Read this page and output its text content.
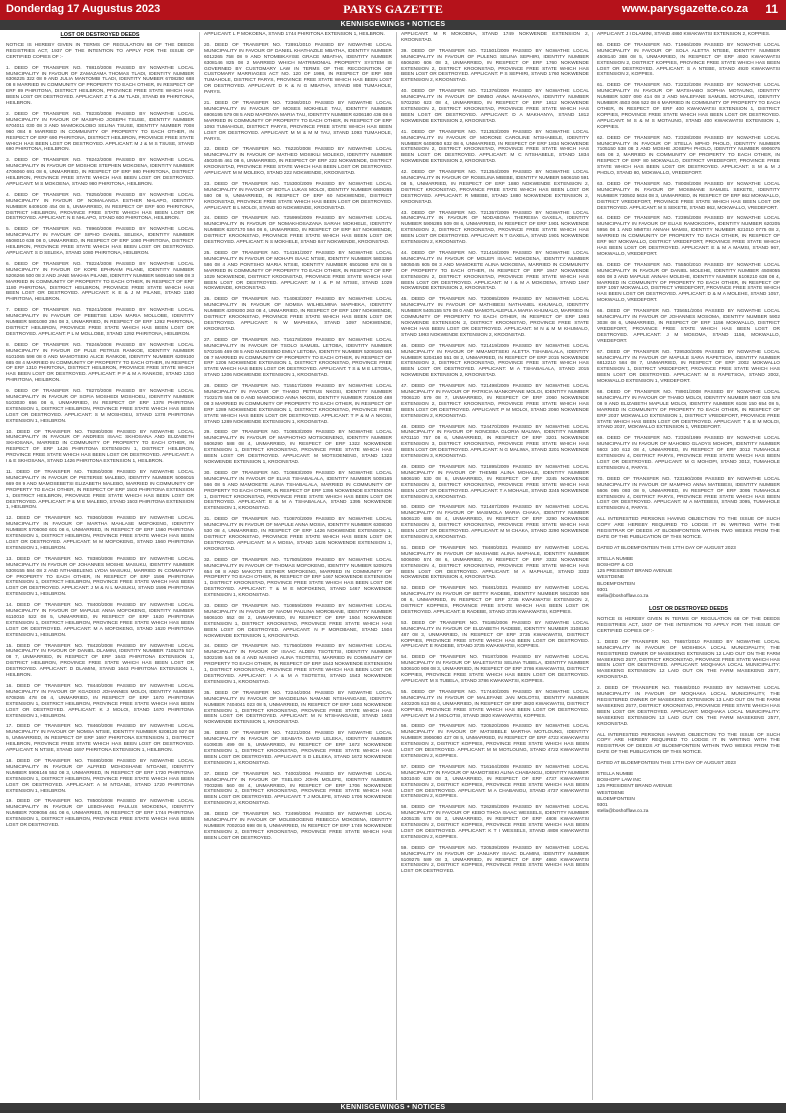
Donderdag 17 Augustus 2023	PARYS GAZETTE	www.parysgazette.co.za 11
KENNISGEWINGS • NOTICES
LOST OR DESTROYED DEEDS
NOTICE IS HEREBY GIVEN IN TERMS OF REGULATION 68 OF THE DEEDS REGISTRIES ACT, 1937 OF THE INTENTION TO APPLY FOR THE ISSUE OF CERTIFIED COPIES OF :-
1. DEED OF TRANSFER NO. T8810/2008 PASSED BY NGWATHE LOCAL MUNICIPALITY IN FAVOUR OF ZAMAZAMA THOMAS TLADI, IDENTITY NUMBER 6306225 322 08 9 AND JULIA MANTOMBI TLADI, IDENTITY NUMBER 6708250 688 08 8 MARRIED IN COMMUNITY OF PROPERTY TO EACH OTHER, IN RESPECT OF ERF 89 PHIRITONA, DISTRICT HEILBRON, PROVINCE FREE STATE WHICH HAS BEEN LOST OR DESTROYED. APPLICANT: Z T & JM TLADI, STAND 89 PHIRITONA, HEILBRON.
2. DEED OF TRANSFER NO. T8230/2008 PASSED BY NGWATHE LOCAL MUNICIPALITY IN FAVOUR OF MASIPHO JOSEPH TSUSE, IDENTITY NUMBER 6704011 030 08 3 AND MAMOKOLOBO SELINA TSUSE, IDENTITY NUMBER 7008 960 084 8 MARRIED IN COMMUNITY OF PROPERTY TO EACH OTHER, IN RESPECT OF ERF 690 PHIRITONA, DISTRICT HEILBRON, PROVINCE FREE STATE WHICH HAS BEEN LOST OR DESTROYED. APPLICANT: M J & M S TSUSE, STAND 690 PHIRITONA, HEILBRON.
3. DEED OF TRANSFER NO. T8242/2008 PASSED BY NGWATHE LOCAL MUNICIPALITY IN FAVOUR OF MOSHOE STEPHEN MOKOENA, IDENTITY NUMBER 4706060 691 08 6, UNMARRIED, IN RESPECT OF ERF 980 PHIRITONA, DISTRICT HEILBRON, PROVINCE FREE STATE WHICH HAS BEEN LOST OR DESTROYED. APPLICANT: M S MOKOENA, STAND 980 PHIRITONA, HEILBRON.
4. DEED OF TRANSFER NO. T8250/2008 PASSED BY NGWATHE LOCAL MUNICIPALITY IN FAVOUR OF NOMALANGA ESTHER NHLAPO, IDENTITY NUMBER 6409100 454 08 5, UNMARRIED, IN RESPECT OF ERF 600 PHIRITONA, DISTRICT HEILBRON, PROVINCE FREE STATE WHICH HAS BEEN LOST OR DESTROYED. APPLICANT: N E NHLAPO, STAND 600 PHIRITONA, HEILBRON.
5. DEED OF TRANSFER NO. T8960/2008 PASSED BY NGWATHE LOCAL MUNICIPALITY IN FAVOUR OF SIPHO DANIEL SELEKA, IDENTITY NUMBER 6508010 638 08 0, UNMARRIED, IN RESPECT OF ERF 1080 PHIRITONA, DISTRICT HEILBRON, PROVINCE FREE STATE WHICH HAS BEEN LOST OR DESTROYED. APPLICANT: S D SELEKA, STAND 1080 PHIRITONA, HEILBRON.
6. DEED OF TRANSFER NO. T8224/2008 PASSED BY NGWATHE LOCAL MUNICIPALITY IN FAVOUR OF KOPE EPHRAIM PILANE, IDENTITY NUMBER 5206266 500 08 2 AND JANE MAKHIA PILANE, IDENTITY NUMBER 5609160 598 08 3 MARRIED IN COMMUNITY OF PROPERTY TO EACH OTHER, IN RESPECT OF ERF 1180 PHIRITONA, DISTRICT HEILBRON, PROVINCE FREE STATE WHICH HAS BEEN LOST OR DESTROYED. APPLICANT: K E & J M PILANE, STAND 1180 PHIRITONA, HEILBRON.
7. DEED OF TRANSFER NO. T8241/2008 PASSED BY NGWATHE LOCAL MUNICIPALITY IN FAVOUR OF PEBETSE LIDIA MARIA MOLLOBE, IDENTITY NUMBER 5801080 294 08 3, UNMARRIED, IN RESPECT OF ERF 1292 PHIRITONA, DISTRICT HEILBRON, PROVINCE FREE STATE WHICH HAS BEEN LOST OR DESTROYED. APPLICANT: P L M MOLLOBE, STAND 1292 PHIRITONA, HEILBRON.
8. DEED OF TRANSFER NO. T8246/2008 PASSED BY NGWATHE LOCAL MUNICIPALITY IN FAVOUR OF PULE PETRUS RANKOE, IDENTITY NUMBER 6101065 598 08 0 AND MAMOTSEKI ALICE RANKOE, IDENTITY NUMBER 6209100 685 08 4 MARRIED IN COMMUNITY OF PROPERTY TO EACH OTHER, IN RESPECT OF ERF 1310 PHIRITONA, DISTRICT HEILBRON, PROVINCE FREE STATE WHICH HAS BEEN LOST OR DESTROYED. APPLICANT: P P & M A RANKOE, STAND 1310 PHIRITONA, HEILBRON.
9. DEED OF TRANSFER NO. T8270/2008 PASSED BY NGWATHE LOCAL MUNICIPALITY IN FAVOUR OF SOFIA MOSHEDI MOSHOEU, IDENTITY NUMBER 5103030 656 08 6, UNMARRIED, IN RESPECT OF ERF 1378 PHIRITONA EXTENSION 1, DISTRICT HEILBRON, PROVINCE FREE STATE WHICH HAS BEEN LOST OR DESTROYED. APPLICANT: S M MOSHOEU, STAND 1378 PHIRITONA EXTENSION 1, HEILBRON.
10. DEED OF TRANSFER NO. T8280/2008 PASSED BY NGWATHE LOCAL MUNICIPALITY IN FAVOUR OF ANDRIES ISAAC SKHOSANA AND ELIZABETH SKHOSANA, MARRIED IN COMMUNITY OF PROPERTY TO EACH OTHER, IN RESPECT OF ERF 1426 PHIRITONA EXTENSION 1, DISTRICT HEILBRON, PROVINCE FREE STATE WHICH HAS BEEN LOST OR DESTROYED. APPLICANT: A I & E SKHOSANA, STAND 1426 PHIRITONA EXTENSION 1, HEILBRON.
11. DEED OF TRANSFER NO. T8350/2008 PASSED BY NGWATHE LOCAL MUNICIPALITY IN FAVOUR OF PIETERSE MALEBO, IDENTITY NUMBER 5006015 669 08 9 AND MAMOSEBETSI ELIZABETH MALEBO, MARRIED IN COMMUNITY OF PROPERTY TO EACH OTHER, IN RESPECT OF ERF 1503 PHIRITONA EXTENSION 1, DISTRICT HEILBRON, PROVINCE FREE STATE WHICH HAS BEEN LOST OR DESTROYED. APPLICANT: P & M E MALEBO, STAND 1503 PHIRITONA EXTENSION 1, HEILBRON.
12. DEED OF TRANSFER NO. T8360/2008 PASSED BY NGWATHE LOCAL MUNICIPALITY IN FAVOUR OF MARTHA MAHLASE MOFOKENG, IDENTITY NUMBER 5706060 601 08 6, UNMARRIED, IN RESPECT OF ERF 1560 PHIRITONA EXTENSION 1, DISTRICT HEILBRON, PROVINCE FREE STATE WHICH HAS BEEN LOST OR DESTROYED. APPLICANT: M M MOFOKENG, STAND 1560 PHIRITONA EXTENSION 1, HEILBRON.
13. DEED OF TRANSFER NO. T8380/2008 PASSED BY NGWATHE LOCAL MUNICIPALITY IN FAVOUR OF JOHANNES MOSHE MASUKU, IDENTITY NUMBER 5309155 584 08 2 AND NTHABELENG LYDIA MASUKU, MARRIED IN COMMUNITY OF PROPERTY TO EACH OTHER, IN RESPECT OF ERF 1596 PHIRITONA EXTENSION 1, DISTRICT HEILBRON, PROVINCE FREE STATE WHICH HAS BEEN LOST OR DESTROYED. APPLICANT: J M & N L MASUKU, STAND 1596 PHIRITONA EXTENSION 1, HEILBRON.
14. DEED OF TRANSFER NO. T8400/2008 PASSED BY NGWATHE LOCAL MUNICIPALITY IN FAVOUR OF MAPULE ANNA MOFOKENG, IDENTITY NUMBER 6110010 522 08 5, UNMARRIED, IN RESPECT OF ERF 1620 PHIRITONA EXTENSION 1, DISTRICT HEILBRON, PROVINCE FREE STATE WHICH HAS BEEN LOST OR DESTROYED. APPLICANT: M A MOFOKENG, STAND 1620 PHIRITONA EXTENSION 1, HEILBRON.
15. DEED OF TRANSFER NO. T8420/2008 PASSED BY NGWATHE LOCAL MUNICIPALITY IN FAVOUR OF DANIEL DLAMINI, IDENTITY NUMBER 7105275 517 08 7, UNMARRIED, IN RESPECT OF ERF 1643 PHIRITONA EXTENSION 1, DISTRICT HEILBRON, PROVINCE FREE STATE WHICH HAS BEEN LOST OR DESTROYED. APPLICANT: D DLAMINI, STAND 1643 PHIRITONA EXTENSION 1, HEILBRON.
16. DEED OF TRANSFER NO. T8440/2008 PASSED BY NGWATHE LOCAL MUNICIPALITY IN FAVOUR OF KGADISO JOHANNES MOLOI, IDENTITY NUMBER 6708265 478 08 4, UNMARRIED, IN RESPECT OF ERF 1670 PHIRITONA EXTENSION 1, DISTRICT HEILBRON, PROVINCE FREE STATE WHICH HAS BEEN LOST OR DESTROYED. APPLICANT: K J MOLOI, STAND 1670 PHIRITONA EXTENSION 1, HEILBRON.
17. DEED OF TRANSFER NO. T8460/2008 PASSED BY NGWATHE LOCAL MUNICIPALITY IN FAVOUR OF NOMSA NTSIE, IDENTITY NUMBER 6208120 927 08 5, UNMARRIED, IN RESPECT OF ERF 1697 PHIRITONA EXTENSION 1, DISTRICT HEILBRON, PROVINCE FREE STATE WHICH HAS BEEN LOST OR DESTROYED. APPLICANT: N NTSIE, STAND 1697 PHIRITONA EXTENSION 1, HEILBRON.
18. DEED OF TRANSFER NO. T8480/2008 PASSED BY NGWATHE LOCAL MUNICIPALITY IN FAVOUR OF ALFRED MOHOSHANE NTOANE, IDENTITY NUMBER 5906146 552 08 3, UNMARRIED, IN RESPECT OF ERF 1720 PHIRITONA EXTENSION 1, DISTRICT HEILBRON, PROVINCE FREE STATE WHICH HAS BEEN LOST OR DESTROYED. APPLICANT: A M NTOANE, STAND 1720 PHIRITONA EXTENSION 1, HEILBRON.
19. DEED OF TRANSFER NO. T8500/2008 PASSED BY NGWATHE LOCAL MUNICIPALITY IN FAVOUR OF LEBOHANG PAULUS MOKOENA, IDENTITY NUMBER 7009056 461 08 6, UNMARRIED, IN RESPECT OF ERF 1744 PHIRITONA EXTENSION 1, DISTRICT HEILBRON, PROVINCE FREE STATE WHICH HAS BEEN LOST OR DESTROYED.
APPLICANT: L P MOKOENA, STAND 1744 PHIRITONA EXTENSION 1, HEILBRON.
20. DEED OF TRANSFER NO. T2891/2010 PASSED BY NGWATHE LOCAL MUNICIPALITY IN FAVOUR OF DANIEL KHATHAZILE MBATHA, IDENTITY NUMBER 6012265 758 08 9 AND NTOMBIKAYISE GRACE MBATHA, IDENTITY NUMBER 6308146 825 08 2 MARRIED WHICH MATRIMONIAL PROPERTY SYSTEM IS GOVERNED BY CUSTOMARY LAW IN TERMS OF THE RECOGNITION OF CUSTOMARY MARRIAGES ACT NO. 120 OF 1998, IN RESPECT OF ERF 808 TUMAHOLE, DISTRICT PARYS, PROVINCE FREE STATE WHICH HAS BEEN LOST OR DESTROYED. APPLICANT: D K & N G MBATHA, STAND 808 TUMAHOLE, PARYS.
21. DEED OF TRANSFER NO. T2368/2010 PASSED BY NGWATHE LOCAL MUNICIPALITY IN FAVOUR OF MOSES MOKHELE TAU, IDENTITY NUMBER 6906195 579 08 5 AND MAPONYA MARIA TAU, IDENTITY NUMBER 6206180 436 08 6 MARRIED IN COMMUNITY OF PROPERTY TO EACH OTHER, IN RESPECT OF ERF 1093 TUMAHOLE, DISTRICT PARYS, PROVINCE FREE STATE WHICH HAS BEEN LOST OR DESTROYED. APPLICANT: M M & M M TAU, STAND 1093 TUMAHOLE, PARYS.
22. DEED OF TRANSFER NO. T6220/2008 PASSED BY NGWATHE LOCAL MUNICIPALITY IN FAVOUR OF MATHEO MOSIKILI MOLEKO, IDENTITY NUMBER 4502045 461 08 6, UNMARRIED, IN RESPECT OF ERF 222 NOKWENDE, DISTRICT KROONSTAD, PROVINCE FREE STATE WHICH HAS BEEN LOST OR DESTROYED. APPLICANT: M M MOLEKO, STAND 222 NOKWENDE, KROONSTAD.
23. DEED OF TRANSFER NO. T15300/2009 PASSED BY NGWATHE LOCAL MUNICIPALITY IN FAVOUR OF BOTLA LUKAS MOLOI, IDENTITY NUMBER 6609265 580 08 9, UNMARRIED, IN RESPECT OF ERF 60 NOKWENDE, DISTRICT KROONSTAD, PROVINCE FREE STATE WHICH HAS BEEN LOST OR DESTROYED. APPLICANT: B L MOLOI, STAND 60 NOKWENDE, KROONSTAD.
24. DEED OF TRANSFER NO. T25999/2009 PASSED BY NGWATHE LOCAL MUNICIPALITY IN FAVOUR OF NOMAKHOSAZANA SARAH MOKHELE, IDENTITY NUMBER 6207170 594 08 6, UNMARRIED, IN RESPECT OF ERF 847 NOKWENDE, DISTRICT KROONSTAD, PROVINCE FREE STATE WHICH HAS BEEN LOST OR DESTROYED. APPLICANT: N S MOKHELE, STAND 847 NOKWENDE, KROONSTAD.
25. DEED OF TRANSFER NO. T14191/2007 PASSED BY NGWATHE LOCAL MUNICIPALITY IN FAVOUR OF MOHAPI ISAAC NTSIE, IDENTITY NUMBER 5803266 586 08 4 AND PONTSHO MARIA NTSIE, IDENTITY NUMBER 6501080 678 08 5 MARRIED IN COMMUNITY OF PROPERTY TO EACH OTHER, IN RESPECT OF ERF 1029 NOKWENDE, DISTRICT KROONSTAD, PROVINCE FREE STATE WHICH HAS BEEN LOST OR DESTROYED. APPLICANT: M I & P M NTSIE, STAND 1029 NOKWENDE, KROONSTAD.
26. DEED OF TRANSFER NO. T14083/2007 PASSED BY NGWATHE LOCAL MUNICIPALITY IN FAVOUR OF NOMSA WILHELMINA MAPHEKA, IDENTITY NUMBER 4209200 263 08 4, UNMARRIED, IN RESPECT OF ERF 1097 NOKWENDE, DISTRICT KROONSTAD, PROVINCE FREE STATE WHICH HAS BEEN LOST OR DESTROYED. APPLICANT: N W MAPHEKA, STAND 1097 NOKWENDE, KROONSTAD.
27. DEED OF TRANSFER NO. T16178/2009 PASSED BY NGWATHE LOCAL MUNICIPALITY IN FAVOUR OF TSOLO SAMUEL LETOBA, IDENTITY NUMBER 5702165 469 08 5 AND MADISEBO EMILY LETOBA, IDENTITY NUMBER 5208160 661 08 7 MARRIED IN COMMUNITY OF PROPERTY TO EACH OTHER, IN RESPECT OF ERF 1206 NOKWENDE EXTENSION 1, DISTRICT KROONSTAD, PROVINCE FREE STATE WHICH HAS BEEN LOST OR DESTROYED. APPLICANT: T S & M E LETOBA, STAND 1206 NOKWENDE EXTENSION 1, KROONSTAD.
28. DEED OF TRANSFER NO. T15517/2009 PASSED BY NGWATHE LOCAL MUNICIPALITY IN FAVOUR OF THABO PETRUS NKOSI, IDENTITY NUMBER 7102175 556 08 0 AND MAMODIKO ANNA NKOSI, IDENTITY NUMBER 7206100 488 08 3 MARRIED IN COMMUNITY OF PROPERTY TO EACH OTHER, IN RESPECT OF ERF 1289 NOKWENDE EXTENSION 1, DISTRICT KROONSTAD, PROVINCE FREE STATE WHICH HAS BEEN LOST OR DESTROYED. APPLICANT: T P & M A NKOSI, STAND 1289 NOKWENDE EXTENSION 1, KROONSTAD.
29. DEED OF TRANSFER NO. T10853/2009 PASSED BY NGWATHE LOCAL MUNICIPALITY IN FAVOUR OF MAPHOTHO MOTSOENENG, IDENTITY NUMBER 5606290 588 08 4, UNMARRIED, IN RESPECT OF ERF 1322 NOKWENDE EXTENSION 1, DISTRICT KROONSTAD, PROVINCE FREE STATE WHICH HAS BEEN LOST OR DESTROYED. APPLICANT: M MOTSOENENG, STAND 1322 NOKWENDE EXTENSION 1, KROONSTAD.
30. DEED OF TRANSFER NO. T10883/2009 PASSED BY NGWATHE LOCAL MUNICIPALITY IN FAVOUR OF ELIAS TSHABALALA, IDENTITY NUMBER 5008165 566 08 5 AND MAMOKETE ALINA TSHABALALA, MARRIED IN COMMUNITY OF PROPERTY TO EACH OTHER, IN RESPECT OF ERF 1395 NOKWENDE EXTENSION 1, DISTRICT KROONSTAD, PROVINCE FREE STATE WHICH HAS BEEN LOST OR DESTROYED. APPLICANT: E & M A TSHABALALA, STAND 1395 NOKWENDE EXTENSION 1, KROONSTAD.
31. DEED OF TRANSFER NO. T10870/2009 PASSED BY NGWATHE LOCAL MUNICIPALITY IN FAVOUR OF MAPULE ANNA MOSIA, IDENTITY NUMBER 6308030 530 08 4, UNMARRIED, IN RESPECT OF ERF 1426 NOKWENDE EXTENSION 1, DISTRICT KROONSTAD, PROVINCE FREE STATE WHICH HAS BEEN LOST OR DESTROYED. APPLICANT: M A MOSIA, STAND 1426 NOKWENDE EXTENSION 1, KROONSTAD.
32. DEED OF TRANSFER NO. T17505/2009 PASSED BY NGWATHE LOCAL MUNICIPALITY IN FAVOUR OF THOMAS MOFOKENG, IDENTITY NUMBER 5209275 654 08 8 AND MAKOTO ESTHER MOFOKENG, MARRIED IN COMMUNITY OF PROPERTY TO EACH OTHER, IN RESPECT OF ERF 1467 NOKWENDE EXTENSION 1, DISTRICT KROONSTAD, PROVINCE FREE STATE WHICH HAS BEEN LOST OR DESTROYED. APPLICANT: T & M E MOFOKENG, STAND 1467 NOKWENDE EXTENSION 1, KROONSTAD.
33. DEED OF TRANSFER NO. T10859/2009 PASSED BY NGWATHE LOCAL MUNICIPALITY IN FAVOUR OF NAOMI PAULINA MOROBANE, IDENTITY NUMBER 5606100 552 08 2, UNMARRIED, IN RESPECT OF ERF 1504 NOKWENDE EXTENSION 1, DISTRICT KROONSTAD, PROVINCE FREE STATE WHICH HAS BEEN LOST OR DESTROYED. APPLICANT: N P MOROBANE, STAND 1504 NOKWENDE EXTENSION 1, KROONSTAD.
34. DEED OF TRANSFER NO. T17560/2009 PASSED BY NGWATHE LOCAL MUNICIPALITY IN FAVOUR OF ISAAC ALDEN TSOTETSI, IDENTITY NUMBER 5302195 544 08 4 AND MAISHO ALINA TSOTETSI, MARRIED IN COMMUNITY OF PROPERTY TO EACH OTHER, IN RESPECT OF ERF 1543 NOKWENDE EXTENSION 1, DISTRICT KROONSTAD, PROVINCE FREE STATE WHICH HAS BEEN LOST OR DESTROYED. APPLICANT: I A & M A TSOTETSI, STAND 1543 NOKWENDE EXTENSION 1, KROONSTAD.
35. DEED OF TRANSFER NO. T2244/2004 PASSED BY NGWATHE LOCAL MUNICIPALITY IN FAVOUR OF MAGDELINA NAMANE NTSHANGASE, IDENTITY NUMBER 7404041 023 08 5, UNMARRIED, IN RESPECT OF ERF 1603 NOKWENDE EXTENSION 1, DISTRICT KROONSTAD, PROVINCE FREE STATE WHICH HAS BEEN LOST OR DESTROYED. APPLICANT: M N NTSHANGASE, STAND 1603 NOKWENDE EXTENSION 1, KROONSTAD.
36. DEED OF TRANSFER NO. T4221/2004 PASSED BY NGWATHE LOCAL MUNICIPALITY IN FAVOUR OF SEABATA DAVID LELEKA, IDENTITY NUMBER 6109035 499 08 5, UNMARRIED, IN RESPECT OF ERF 1672 NOKWENDE EXTENSION 1, DISTRICT KROONSTAD, PROVINCE FREE STATE WHICH HAS BEEN LOST OR DESTROYED. APPLICANT: S D LELEKA, STAND 1672 NOKWENDE EXTENSION 1, KROONSTAD.
37. DEED OF TRANSFER NO. T4003/2004 PASSED BY NGWATHE LOCAL MUNICIPALITY IN FAVOUR OF TSELISO JOHN MOLEFE, IDENTITY NUMBER 7003285 560 08 4, UNMARRIED, IN RESPECT OF ERF 1706 NOKWENDE EXTENSION 2, DISTRICT KROONSTAD, PROVINCE FREE STATE WHICH HAS BEEN LOST OR DESTROYED. APPLICANT: T J MOLEFE, STAND 1706 NOKWENDE EXTENSION 2, KROONSTAD.
38. DEED OF TRANSFER NO. T2499/2004 PASSED BY NGWATHE LOCAL MUNICIPALITY IN FAVOUR OF MOLEBOGENG REBECCA MOKOENA, IDENTITY NUMBER 7002010 698 08 5, UNMARRIED, IN RESPECT OF ERF 1749 NOKWENDE EXTENSION 2, DISTRICT KROONSTAD, PROVINCE FREE STATE WHICH HAS BEEN LOST OR DESTROYED.
APPLICANT: M R MOKOENA, STAND 1749 NOKWENDE EXTENSION 2, KROONSTAD.
39. DEED OF TRANSFER NO. T21501/2009 PASSED BY NGWATHE LOCAL MUNICIPALITY IN FAVOUR OF PULENG SELINA SEPHIRI, IDENTITY NUMBER 6506280 606 08 3, UNMARRIED, IN RESPECT OF ERF 1760 NOKWENDE EXTENSION 2, DISTRICT KROONSTAD, PROVINCE FREE STATE WHICH HAS BEEN LOST OR DESTROYED. APPLICANT: P S SEPHIRI, STAND 1760 NOKWENDE EXTENSION 2, KROONSTAD.
40. DEED OF TRANSFER NO. T21376/2009 PASSED BY NGWATHE LOCAL MUNICIPALITY IN FAVOUR OF DIMBO ANNA MAKHANYA, IDENTITY NUMBER 5702250 623 08 4, UNMARRIED, IN RESPECT OF ERF 1812 NOKWENDE EXTENSION 2, DISTRICT KROONSTAD, PROVINCE FREE STATE WHICH HAS BEEN LOST OR DESTROYED. APPLICANT: D A MAKHANYA, STAND 1812 NOKWENDE EXTENSION 2, KROONSTAD.
41. DEED OF TRANSFER NO. T21353/2009 PASSED BY NGWATHE LOCAL MUNICIPALITY IN FAVOUR OF MORONE CAROLINE NTSHABELE, IDENTITY NUMBER 6408050 632 08 6, UNMARRIED, IN RESPECT OF ERF 1834 NOKWENDE EXTENSION 2, DISTRICT KROONSTAD, PROVINCE FREE STATE WHICH HAS BEEN LOST OR DESTROYED. APPLICANT: M C NTSHABELE, STAND 1834 NOKWENDE EXTENSION 2, KROONSTAD.
42. DEED OF TRANSFER NO. T21354/2009 PASSED BY NGWATHE LOCAL MUNICIPALITY IN FAVOUR OF ROSELINA MBEBE, IDENTITY NUMBER 5606150 591 08 5, UNMARRIED, IN RESPECT OF ERF 1880 NOKWENDE EXTENSION 2, DISTRICT KROONSTAD, PROVINCE FREE STATE WHICH HAS BEEN LOST OR DESTROYED. APPLICANT: R MBEBE, STAND 1880 NOKWENDE EXTENSION 2, KROONSTAD.
43. DEED OF TRANSFER NO. T21357/2009 PASSED BY NGWATHE LOCAL MUNICIPALITY IN FAVOUR OF NODABONA THERESIA GAXELA, IDENTITY NUMBER 5906285 509 08 6, UNMARRIED, IN RESPECT OF ERF 1901 NOKWENDE EXTENSION 2, DISTRICT KROONSTAD, PROVINCE FREE STATE WHICH HAS BEEN LOST OR DESTROYED. APPLICANT: N T GAXELA, STAND 1901 NOKWENDE EXTENSION 2, KROONSTAD.
44. DEED OF TRANSFER NO. T21416/2009 PASSED BY NGWATHE LOCAL MUNICIPALITY IN FAVOUR OF MOLEFI ISAAC MOKOENA, IDENTITY NUMBER 5805045 605 08 3 AND MAMOKETE ALINA MOKOENA, MARRIED IN COMMUNITY OF PROPERTY TO EACH OTHER, IN RESPECT OF ERF 1947 NOKWENDE EXTENSION 2, DISTRICT KROONSTAD, PROVINCE FREE STATE WHICH HAS BEEN LOST OR DESTROYED. APPLICANT: M I & M A MOKOENA, STAND 1947 NOKWENDE EXTENSION 2, KROONSTAD.
45. DEED OF TRANSFER NO. T20085/2009 PASSED BY NGWATHE LOCAL MUNICIPALITY IN FAVOUR OF MATHIBESI NATHANIEL KHUMALO, IDENTITY NUMBER 5405155 576 08 0 AND MAMOTLALEPULA MARIA KHUMALO, MARRIED IN COMMUNITY OF PROPERTY TO EACH OTHER, IN RESPECT OF ERF 1993 NOKWENDE EXTENSION 2, DISTRICT KROONSTAD, PROVINCE FREE STATE WHICH HAS BEEN LOST OR DESTROYED. APPLICANT: M N & M M KHUMALO, STAND 1993 NOKWENDE EXTENSION 2, KROONSTAD.
46. DEED OF TRANSFER NO. T21419/2009 PASSED BY NGWATHE LOCAL MUNICIPALITY IN FAVOUR OF MMAMOTSEKI ALETTA TSHABALALA, IDENTITY NUMBER 5204160 551 08 2, UNMARRIED, IN RESPECT OF ERF 2015 NOKWENDE EXTENSION 2, DISTRICT KROONSTAD, PROVINCE FREE STATE WHICH HAS BEEN LOST OR DESTROYED. APPLICANT: M A TSHABALALA, STAND 2015 NOKWENDE EXTENSION 2, KROONSTAD.
47. DEED OF TRANSFER NO. T21498/2009 PASSED BY NGWATHE LOCAL MUNICIPALITY IN FAVOUR OF PATRICIA MANKOPANE MOLOI, IDENTITY NUMBER 7006120 579 08 7, UNMARRIED, IN RESPECT OF ERF 2060 NOKWENDE EXTENSION 2, DISTRICT KROONSTAD, PROVINCE FREE STATE WHICH HAS BEEN LOST OR DESTROYED. APPLICANT: P M MOLOI, STAND 2060 NOKWENDE EXTENSION 2, KROONSTAD.
48. DEED OF TRANSFER NO. T24470/2009 PASSED BY NGWATHE LOCAL MUNICIPALITY IN FAVOUR OF NONCEBA GLORIA MALIWA, IDENTITY NUMBER 6701110 757 08 6, UNMARRIED, IN RESPECT OF ERF 3201 NOKWENDE EXTENSION 3, DISTRICT KROONSTAD, PROVINCE FREE STATE WHICH HAS BEEN LOST OR DESTROYED. APPLICANT: N G MALIWA, STAND 3201 NOKWENDE EXTENSION 3, KROONSTAD.
49. DEED OF TRANSFER NO. T21895/2009 PASSED BY NGWATHE LOCAL MUNICIPALITY IN FAVOUR OF THEMBI ALINA MOHALE, IDENTITY NUMBER 5806190 530 08 6, UNMARRIED, IN RESPECT OF ERF 3245 NOKWENDE EXTENSION 3, DISTRICT KROONSTAD, PROVINCE FREE STATE WHICH HAS BEEN LOST OR DESTROYED. APPLICANT: T A MOHALE, STAND 3245 NOKWENDE EXTENSION 3, KROONSTAD.
50. DEED OF TRANSFER NO. T21487/2009 PASSED BY NGWATHE LOCAL MUNICIPALITY IN FAVOUR OF MASIMOLA MARIA CHAKA, IDENTITY NUMBER 5506120 686 08 4, UNMARRIED, IN RESPECT OF ERF 3290 NOKWENDE EXTENSION 3, DISTRICT KROONSTAD, PROVINCE FREE STATE WHICH HAS BEEN LOST OR DESTROYED. APPLICANT: M M CHAKA, STAND 3290 NOKWENDE EXTENSION 3, KROONSTAD.
51. DEED OF TRANSFER NO. T8480/2021 PASSED BY NGWATHE LOCAL MUNICIPALITY IN FAVOUR OF MASHABE ALINA MAPHALE, IDENTITY NUMBER 5006090 574 08 6, UNMARRIED, IN RESPECT OF ERF 3332 NOKWENDE EXTENSION 4, DISTRICT KROONSTAD, PROVINCE FREE STATE WHICH HAS BEEN LOST OR DESTROYED. APPLICANT: M A MAPHALE, STAND 3332 NOKWENDE EXTENSION 4, KROONSTAD.
52. DEED OF TRANSFER NO. T8481/2021 PASSED BY NGWATHE LOCAL MUNICIPALITY IN FAVOUR OF BETTY RADEBE, IDENTITY NUMBER 5912030 508 08 6, UNMARRIED, IN RESPECT OF ERF 3735 KWAKWATSI EXTENSION 2, DISTRICT KOPPIES, PROVINCE FREE STATE WHICH HAS BEEN LOST OR DESTROYED. APPLICANT: B RADEBE, STAND 3735 KWAKWATSI, KOPPIES.
53. DEED OF TRANSFER NO. T8185/2006 PASSED BY NGWATHE LOCAL MUNICIPALITY IN FAVOUR OF ELIZABETH RADEBE, IDENTITY NUMBER 3108150 487 08 3, UNMARRIED, IN RESPECT OF ERF 3735 KWAKWATSI, DISTRICT KOPPIES, PROVINCE FREE STATE WHICH HAS BEEN LOST OR DESTROYED. APPLICANT: E RADEBE, STAND 3735 KWAKWATSI, KOPPIES.
54. DEED OF TRANSFER NO. T8187/2006 PASSED BY NGWATHE LOCAL MUNICIPALITY IN FAVOUR OF MALETSATSI SELINA TUBELA, IDENTITY NUMBER 5306100 908 08 3, UNMARRIED, IN RESPECT OF ERF 3786 KWAKWATSI, DISTRICT KOPPIES, PROVINCE FREE STATE WHICH HAS BEEN LOST OR DESTROYED. APPLICANT: M S TUBELA, STAND 3786 KWAKWATSI, KOPPIES.
55. DEED OF TRANSFER NO. T17440/2005 PASSED BY NGWATHE LOCAL MUNICIPALITY IN FAVOUR OF MALEFANE JAN MOLOTSI, IDENTITY NUMBER 4402205 613 08 4, UNMARRIED, IN RESPECT OF ERF 3820 KWAKWATSI, DISTRICT KOPPIES, PROVINCE FREE STATE WHICH HAS BEEN LOST OR DESTROYED. APPLICANT: M J MOLOTSI, STAND 3820 KWAKWATSI, KOPPIES.
56. DEED OF TRANSFER NO. T20520/2006 PASSED BY NGWATHE LOCAL MUNICIPALITY IN FAVOUR OF MATSIBELE MARTHA MOTLOUNG, IDENTITY NUMBER 3906080 427 08 5, UNMARRIED, IN RESPECT OF ERF 4722 KWAKWATSI EXTENSION 2, DISTRICT KOPPIES, PROVINCE FREE STATE WHICH HAS BEEN LOST OR DESTROYED. APPLICANT: M M MOTLOUNG, STAND 4722 KWAKWATSI EXTENSION 2, KOPPIES.
57. DEED OF TRANSFER NO. T16164/2008 PASSED BY NGWATHE LOCAL MUNICIPALITY IN FAVOUR OF MAMOTSEKI ALINA CHABANGU, IDENTITY NUMBER 5301040 628 08 3, UNMARRIED, IN RESPECT OF ERF 4737 KWAKWATSI EXTENSION 2, DISTRICT KOPPIES, PROVINCE FREE STATE WHICH HAS BEEN LOST OR DESTROYED. APPLICANT: M A CHABANGU, STAND 4737 KWAKWATSI EXTENSION 2, KOPPIES.
58. DEED OF TRANSFER NO. T26285/2009 PASSED BY NGWATHE LOCAL MUNICIPALITY IN FAVOUR OF KEBO TIHOA ISAAC WESSELS, IDENTITY NUMBER 4205135 578 08 2, UNMARRIED, IN RESPECT OF ERF 4808 KWAKWATSI EXTENSION 2, DISTRICT KOPPIES, PROVINCE FREE STATE WHICH HAS BEEN LOST OR DESTROYED. APPLICANT: K T I WESSELS, STAND 4808 KWAKWATSI EXTENSION 2, KOPPIES.
59. DEED OF TRANSFER NO. T20539/2009 PASSED BY NGWATHE LOCAL MUNICIPALITY IN FAVOUR OF JANUARY ISAAC DLAMINI, IDENTITY NUMBER 5109275 589 08 3, UNMARRIED, IN RESPECT OF ERF 4860 KWAKWATSI EXTENSION 2, DISTRICT KOPPIES, PROVINCE FREE STATE WHICH HAS BEEN LOST OR DESTROYED.
APPLICANT: J I DLAMINI, STAND 4860 KWAKWATSI EXTENSION 2, KOPPIES.
60. DEED OF TRANSFER NO. T1966/2009 PASSED BY NGWATHE LOCAL MUNICIPALITY IN FAVOUR OF SOLA ALETTA NTEBE, IDENTITY NUMBER 4508140 388 08 5, UNMARRIED, IN RESPECT OF ERF 4920 KWAKWATSI EXTENSION 2, DISTRICT KOPPIES, PROVINCE FREE STATE WHICH HAS BEEN LOST OR DESTROYED. APPLICANT: S A NTEBE, STAND 4920 KWAKWATSI EXTENSION 2, KOPPIES.
61. DEED OF TRANSFER NO. T2232/2008 PASSED BY NGWATHE LOCAL MUNICIPALITY IN FAVOUR OF MATSHABO SOPHIA MOTAUNG, IDENTITY NUMBER 5307 090 414 08 2 AND MALEFANE SAMUEL MOTAUNG, IDENTITY NUMBER 4503 066 522 08 6 MARRIED IN COMMUNITY OF PROPERTY TO EACH OTHER, IN RESPECT OF ERF 400 KWAKWATSI EXTENSION 1, DISTRICT KOPPIES, PROVINCE FREE STATE WHICH HAS BEEN LOST OR DESTROYED. APPLICANT: M S & M S MOTAUNG, STAND 400 KWAKWATSI EXTENSION 1, KOPPIES.
62. DEED OF TRANSFER NO. T2328/2008 PASSED BY NGWATHE LOCAL MUNICIPALITY IN FAVOUR OF STELLA MPHO PHOLO, IDENTITY NUMBER 7105150 538 08 3 AND MOSHE JOSEPH PHOLO, IDENTITY NUMBER 6906075 645 08 2, MARRIED IN COMMUNITY OF PROPERTY TO EACH OTHER, IN RESPECT OF ERF 80 MOKWALLO, DISTRICT VREDEFORT, PROVINCE FREE STATE WHICH HAS BEEN LOST OR DESTROYED. APPLICANT: S M & M J PHOLO, STAND 80, MOKWALLO, VREDEFORT.
63. DEED OF TRANSFER NO. T8008/2008 PASSED BY NGWATHE LOCAL MUNICIPALITY IN FAVOUR OF MOSIMANE SAMUEL SEKETE, IDENTITY NUMBER 730502 5634 08 3, UNMARRIED, IN RESPECT OF ERF 862 MOKWALLO, DISTRICT VREDEFORT, PROVINCE FREE STATE WHICH HAS BEEN LOST OR DESTROYED. APPLICANT: M S SEKETE, STAND 862, MOKWALLO, VREDEFORT.
64. DEED OF TRANSFER NO. T2395/2008 PASSED BY NGWATHE LOCAL MUNICIPALITY IN FAVOUR OF ELIAS RAMOKGOPA, IDENTITY NUMBER 620205 5956 08 1 AND MMITSI ANNAH MAMSI, IDENTITY NUMBER 621010 0775 08 2, MARRIED IN COMMUNITY OF PROPERTY TO EACH OTHER, IN RESPECT OF ERF 967 MOKWALLO, DISTRICT VREDEFORT, PROVINCE FREE STATE WHICH HAS BEEN LOST OR DESTROYED. APPLICANT: E & M A MAMSI, STAND 967, MOKWALLO, VREDEFORT.
65. DEED OF TRANSFER NO. T5550/2010 PASSED BY NGWATHE LOCAL MUNICIPALITY IN FAVOUR OF DANIEL MOLEHE, IDENTITY NUMBER 4508055 606 08 3 AND MAPULE ANNAH MOLEHE, IDENTITY NUMBER 5108210 638 08 4, MARRIED IN COMMUNITY OF PROPERTY TO EACH OTHER, IN RESPECT OF ERF 1057 MOKWALLO, DISTRICT VREDEFORT, PROVINCE FREE STATE WHICH HAS BEEN LOST OR DESTROYED. APPLICANT: D & M A MOLEHE, STAND 1057, MOKWALLO, VREDEFORT.
66. DEED OF TRANSFER NO. T35651/2004 PASSED BY NGWATHE LOCAL MUNICIPALITY IN FAVOUR OF JOHANNES MOSOMA, IDENTITY NUMBER 5902 3038 08 6, UNMARRIED, IN RESPECT OF ERF 1156 MOKWALLO, DISTRICT VREDEFORT, PROVINCE FREE STATE WHICH HAS BEEN LOST OR DESTROYED. APPLICANT: J M MOSOMA, STAND 1156, MOKWALLO, VREDEFORT.
67. DEED OF TRANSFER NO. T29530/2005 PASSED BY NGWATHE LOCAL MUNICIPALITY IN FAVOUR OF MAPULE SARA RAPETSOA, IDENTITY NUMBER 6812210 584 08 7, UNMARRIED, IN RESPECT OF ERF 2002 MOKWALLO EXTENSION 1, DISTRICT VREDEFORT, PROVINCE FREE STATE WHICH HAS BEEN LOST OR DESTROYED. APPLICANT: M S RAPETSOA, STAND 2002, MOKWALLO EXTENSION 1, VREDEFORT.
68. DEED OF TRANSFER NO. T8901/2008 PASSED BY NGWATHE LOCAL MUNICIPALITY IN FAVOUR OF THABO MOLOI, IDENTITY NUMBER 5807 035 578 08 9 AND ELIZABETH MAPULE MOLOI, IDENTITY NUMBER 6108 150 654 08 5, MARRIED IN COMMUNITY OF PROPERTY TO EACH OTHER, IN RESPECT OF ERF 2037 MOKWALLO EXTENSION 1, DISTRICT VREDEFORT, PROVINCE FREE STATE WHICH HAS BEEN LOST OR DESTROYED. APPLICANT: T & E M MOLOI, STAND 2037, MOKWALLO EXTENSION 1, VREDEFORT.
69. DEED OF TRANSFER NO. T2326/1999 PASSED BY NGWATHE LOCAL MUNICIPALITY IN FAVOUR OF MAHOBO GLADYS MOHOPI, IDENTITY NUMBER 5603 100 612 08 4, UNMARRIED, IN RESPECT OF ERF 3012 TUMAHOLE EXTENSION 4, DISTRICT PARYS, PROVINCE FREE STATE WHICH HAS BEEN LOST OR DESTROYED. APPLICANT: M G MOHOPI, STAND 3012, TUMAHOLE EXTENSION 4, PARYS.
70. DEED OF TRANSFER NO. T23190/2008 PASSED BY NGWATHE LOCAL MUNICIPALITY IN FAVOUR OF MAMPHO ANNA MATEBESI, IDENTITY NUMBER 5606 095 093 08 9, UNMARRIED, IN RESPECT OF ERF 3095 TUMAHOLE EXTENSION 4, DISTRICT PARYS, PROVINCE FREE STATE WHICH HAS BEEN LOST OR DESTROYED. APPLICANT: M A MATEBESI, STAND 3095, TUMAHOLE EXTENSION 4, PARYS.
ALL INTERESTED PERSONS HAVING OBJECTION TO THE ISSUE OF SUCH COPY ARE HEREBY REQUIRED TO LODGE IT IN WRITING WITH THE REGISTRAR OF DEEDS AT BLOEMFONTEIN WITHIN TWO WEEKS FROM THE DATE OF THE PUBLICATION OF THIS NOTICE.
DATED AT BLOEMFONTEIN THIS 17TH DAY OF AUGUST 2023
STELLA NUMBE
BOSHOFF & CO
125 PRESIDENT BRAND AVENUE
WESTDENE
BLOEMFONTEIN
9301
stella@boshofflaw.co.za
LOST OR DESTROYED DEEDS
NOTICE IS HEREBY GIVEN IN TERMS OF REGULATION 68 OF THE DEEDS REGISTRIES ACT, 1937 OF THE INTENTION TO APPLY FOR THE ISSUE OF CERTIFIED COPIES OF :-
1. DEED OF TRANSFER NO. T6657/2010 PASSED BY NGWATHE LOCAL MUNICIPALITY IN FAVOUR OF MOSHEKA LOCAL MUNICIPALITY, THE REGISTERED OWNER OF MASEKENG EXTENSION 12 LAID OUT ON THE FARM MASEKENG 2577, DISTRICT KROONSTAD, PROVINCE FREE STATE WHICH HAS BEEN LOST OR DESTROYED. APPLICANT: MOQHAKA LOCAL MUNICIPALITY: MASEKENG EXTENSION 12 LAID OUT ON THE FARM MASEKENG 2577, KROONSTAD.
2. DEED OF TRANSFER NO. T6648/2010 PASSED BY NGWATHE LOCAL MUNICIPALITY IN FAVOUR OF MOQHAKA LOCAL MUNICIPALITY, THE REGISTERED OWNER OF MASEKENG EXTENSION 13 LAID OUT ON THE FARM MASEKENG 2577, DISTRICT KROONSTAD, PROVINCE FREE STATE WHICH HAS BEEN LOST OR DESTROYED. APPLICANT: MOQHAKA LOCAL MUNICIPALITY: MASEKENG EXTENSION 13 LAID OUT ON THE FARM MASEKENG 2577, KROONSTAD.
ALL INTERESTED PERSONS HAVING OBJECTION TO THE ISSUE OF SUCH COPY ARE HEREBY REQUIRED TO LODGE IT IN WRITING WITH THE REGISTRAR OF DEEDS AT BLOEMFONTEIN WITHIN TWO WEEKS FROM THE DATE OF THE PUBLICATION OF THIS NOTICE.
DATED AT BLOEMFONTEIN THIS 17TH DAY OF AUGUST 2023
STELLA NUMBE
BOSHOFF LAW INC
125 PRESIDENT BRAND AVENUE
WESTDENE
BLOEMFONTEIN
9301
stella@boshofflaw.co.za
KENNISGEWINGS • NOTICES
